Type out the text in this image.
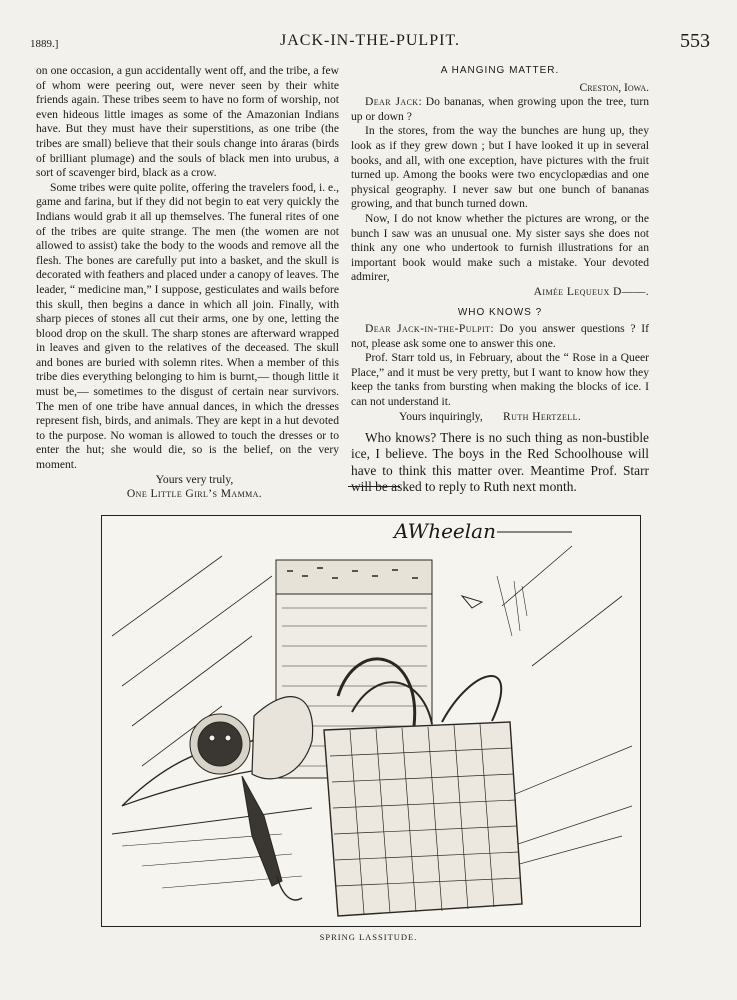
1889.]	JACK-IN-THE-PULPIT.	553

on one occasion, a gun accidentally went off, and the tribe, a few of whom were peering out, were never seen by their white friends again. These tribes seem to have no form of worship, not even hideous little images as some of the Amazonian Indians have. But they must have their superstitions, as one tribe (the tribes are small) believe that their souls change into áraras (birds of brilliant plumage) and the souls of black men into urubus, a sort of scavenger bird, black as a crow.

Some tribes were quite polite, offering the travelers food, i. e., game and farina, but if they did not begin to eat very quickly the Indians would grab it all up themselves. The funeral rites of one of the tribes are quite strange. The men (the women are not allowed to assist) take the body to the woods and remove all the flesh. The bones are carefully put into a basket, and the skull is decorated with feathers and placed under a canopy of leaves. The leader, “ medicine man,” I suppose, gesticulates and wails before this skull, then begins a dance in which all join. Finally, with sharp pieces of stones all cut their arms, one by one, letting the blood drop on the skull. The sharp stones are afterward wrapped in leaves and given to the relatives of the deceased. The skull and bones are buried with solemn rites. When a member of this tribe dies everything belonging to him is burnt,— though little it must be,— sometimes to the disgust of certain near survivors. The men of one tribe have annual dances, in which the dresses represent fish, birds, and animals. They are kept in a hut devoted to the purpose. No woman is allowed to touch the dresses or to enter the hut; she would die, so is the belief, on the very moment.

Yours very truly,

One Little Girl’s Mamma.

A HANGING MATTER.

Creston, Iowa.

Dear Jack: Do bananas, when growing upon the tree, turn up or down ?

In the stores, from the way the bunches are hung up, they look as if they grew down ; but I have looked it up in several books, and all, with one exception, have pictures with the fruit turned up. Among the books were two encyclopædias and one physical geography. I never saw but one bunch of bananas growing, and that bunch turned down.

Now, I do not know whether the pictures are wrong, or the bunch I saw was an unusual one. My sister says she does not think any one who undertook to furnish illustrations for an important book would make such a mistake. Your devoted admirer,

Aimée Lequeux D——.

WHO KNOWS ?

Dear Jack-in-the-Pulpit: Do you answer questions ? If not, please ask some one to answer this one.

Prof. Starr told us, in February, about the “ Rose in a Queer Place,” and it must be very pretty, but I want to know how they keep the tanks from bursting when making the blocks of ice. I can not understand it.

Yours inquiringly, Ruth Hertzell.

Who knows? There is no such thing as non-bustible ice, I believe. The boys in the Red Schoolhouse will have to think this matter over. Meantime Prof. Starr will be asked to reply to Ruth next month.

AWheelan
SPRING LASSITUDE.
